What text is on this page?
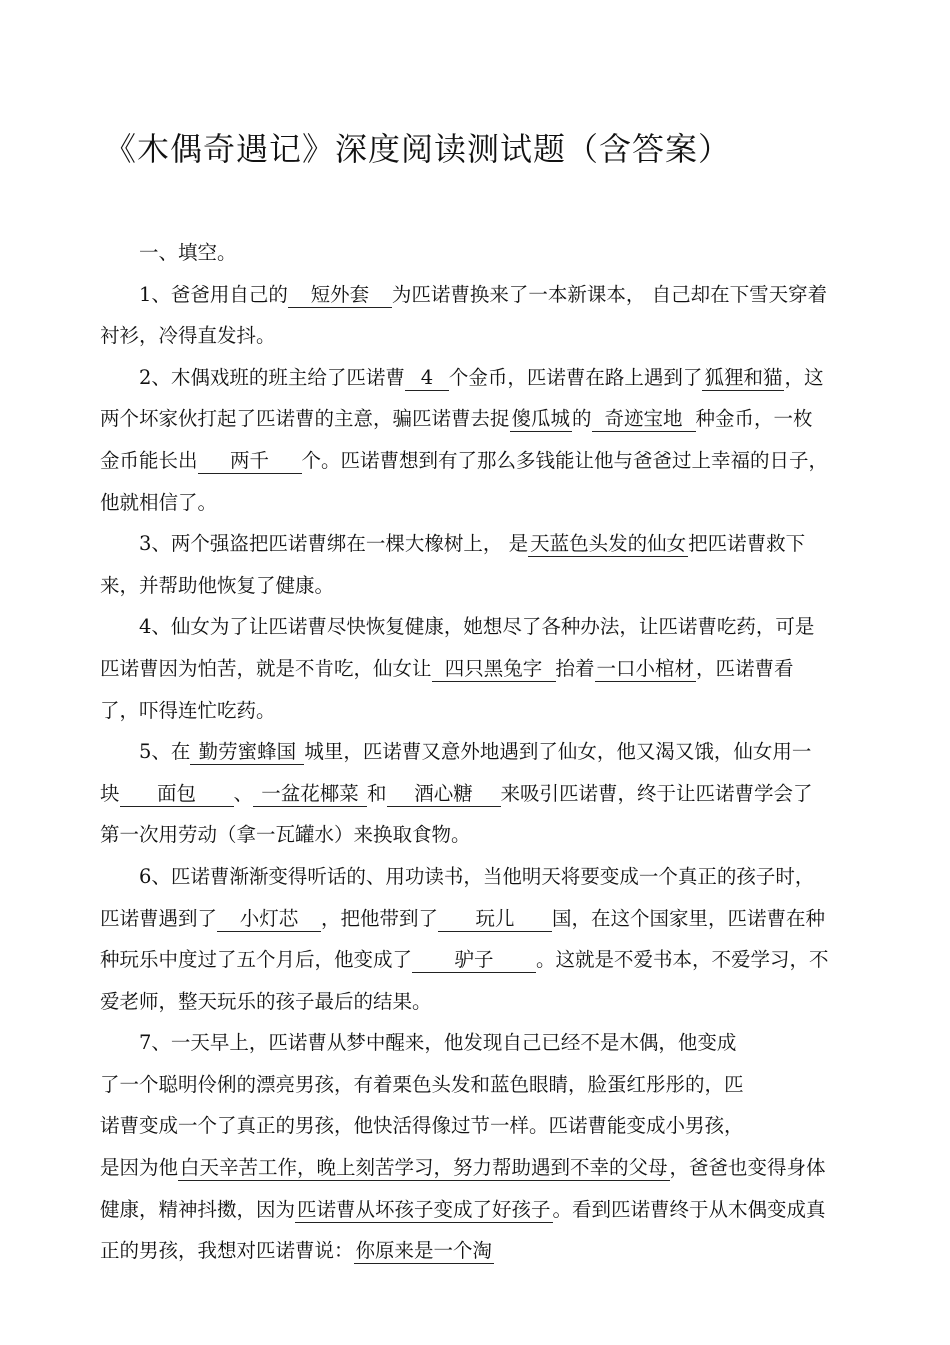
《木偶奇遇记》深度阅读测试题（含答案）

一、填空。

1、爸爸用自己的 短外套 为匹诺曹换来了一本新课本， 自己却在下雪天穿着衬衫，冷得直发抖。

2、木偶戏班的班主给了匹诺曹 4 个金币，匹诺曹在路上遇到了 狐狸和猫 ，这两个坏家伙打起了匹诺曹的主意，骗匹诺曹去捉 傻瓜城 的 奇迹宝地 种金币，一枚金币能长出 两千 个。匹诺曹想到有了那么多钱能让他与爸爸过上幸福的日子，他就相信了。

3、两个强盗把匹诺曹绑在一棵大橡树上， 是 天蓝色头发的仙女 把匹诺曹救下来，并帮助他恢复了健康。

4、仙女为了让匹诺曹尽快恢复健康，她想尽了各种办法，让匹诺曹吃药，可是匹诺曹因为怕苦，就是不肯吃，仙女让 四只黑兔字 抬着 一口小棺材 ，匹诺曹看了，吓得连忙吃药。

5、在 勤劳蜜蜂国 城里，匹诺曹又意外地遇到了仙女，他又渴又饿，仙女用一块 面包 、 一盆花椰菜 和 酒心糖 来吸引匹诺曹，终于让匹诺曹学会了第一次用劳动（拿一瓦罐水）来换取食物。

6、匹诺曹渐渐变得听话的、用功读书，当他明天将要变成一个真正的孩子时，匹诺曹遇到了 小灯芯 ，把他带到了 玩儿 国，在这个国家里，匹诺曹在种种玩乐中度过了五个月后，他变成了 驴子 。这就是不爱书本，不爱学习，不爱老师，整天玩乐的孩子最后的结果。

7、一天早上，匹诺曹从梦中醒来，他发现自己已经不是木偶，他变成

了一个聪明伶俐的漂亮男孩，有着栗色头发和蓝色眼睛，脸蛋红彤彤的，匹

诺曹变成一个了真正的男孩，他快活得像过节一样。匹诺曹能变成小男孩，

是因为他 白天辛苦工作，晚上刻苦学习，努力帮助遇到不幸的父母 ，爸爸也变得身体健康，精神抖擞，因为 匹诺曹从坏孩子变成了好孩子 。看到匹诺曹终于从木偶变成真正的男孩，我想对匹诺曹说： 你原来是一个淘
